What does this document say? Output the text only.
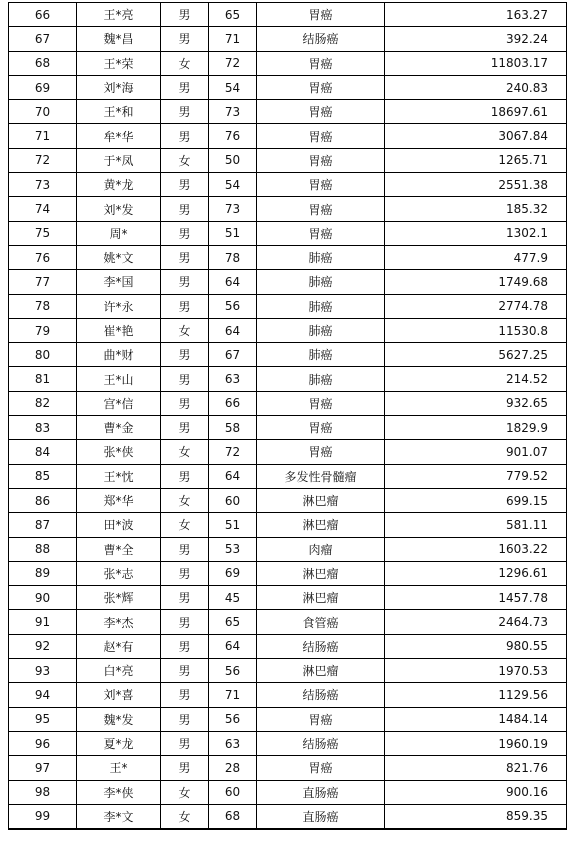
66	王*亮	男	65	胃癌	163.27
67	魏*昌	男	71	结肠癌	392.24
68	王*荣	女	72	胃癌	11803.17
69	刘*海	男	54	胃癌	240.83
70	王*和	男	73	胃癌	18697.61
71	牟*华	男	76	胃癌	3067.84
72	于*凤	女	50	胃癌	1265.71
73	黄*龙	男	54	胃癌	2551.38
74	刘*发	男	73	胃癌	185.32
75	周*	男	51	胃癌	1302.1
76	姚*文	男	78	肺癌	477.9
77	李*国	男	64	肺癌	1749.68
78	许*永	男	56	肺癌	2774.78
79	崔*艳	女	64	肺癌	11530.8
80	曲*财	男	67	肺癌	5627.25
81	王*山	男	63	肺癌	214.52
82	宫*信	男	66	胃癌	932.65
83	曹*金	男	58	胃癌	1829.9
84	张*侠	女	72	胃癌	901.07
85	王*忱	男	64	多发性骨髓瘤	779.52
86	郑*华	女	60	淋巴瘤	699.15
87	田*波	女	51	淋巴瘤	581.11
88	曹*全	男	53	肉瘤	1603.22
89	张*志	男	69	淋巴瘤	1296.61
90	张*辉	男	45	淋巴瘤	1457.78
91	李*杰	男	65	食管癌	2464.73
92	赵*有	男	64	结肠癌	980.55
93	白*亮	男	56	淋巴瘤	1970.53
94	刘*喜	男	71	结肠癌	1129.56
95	魏*发	男	56	胃癌	1484.14
96	夏*龙	男	63	结肠癌	1960.19
97	王*	男	28	胃癌	821.76
98	李*侠	女	60	直肠癌	900.16
99	李*文	女	68	直肠癌	859.35
